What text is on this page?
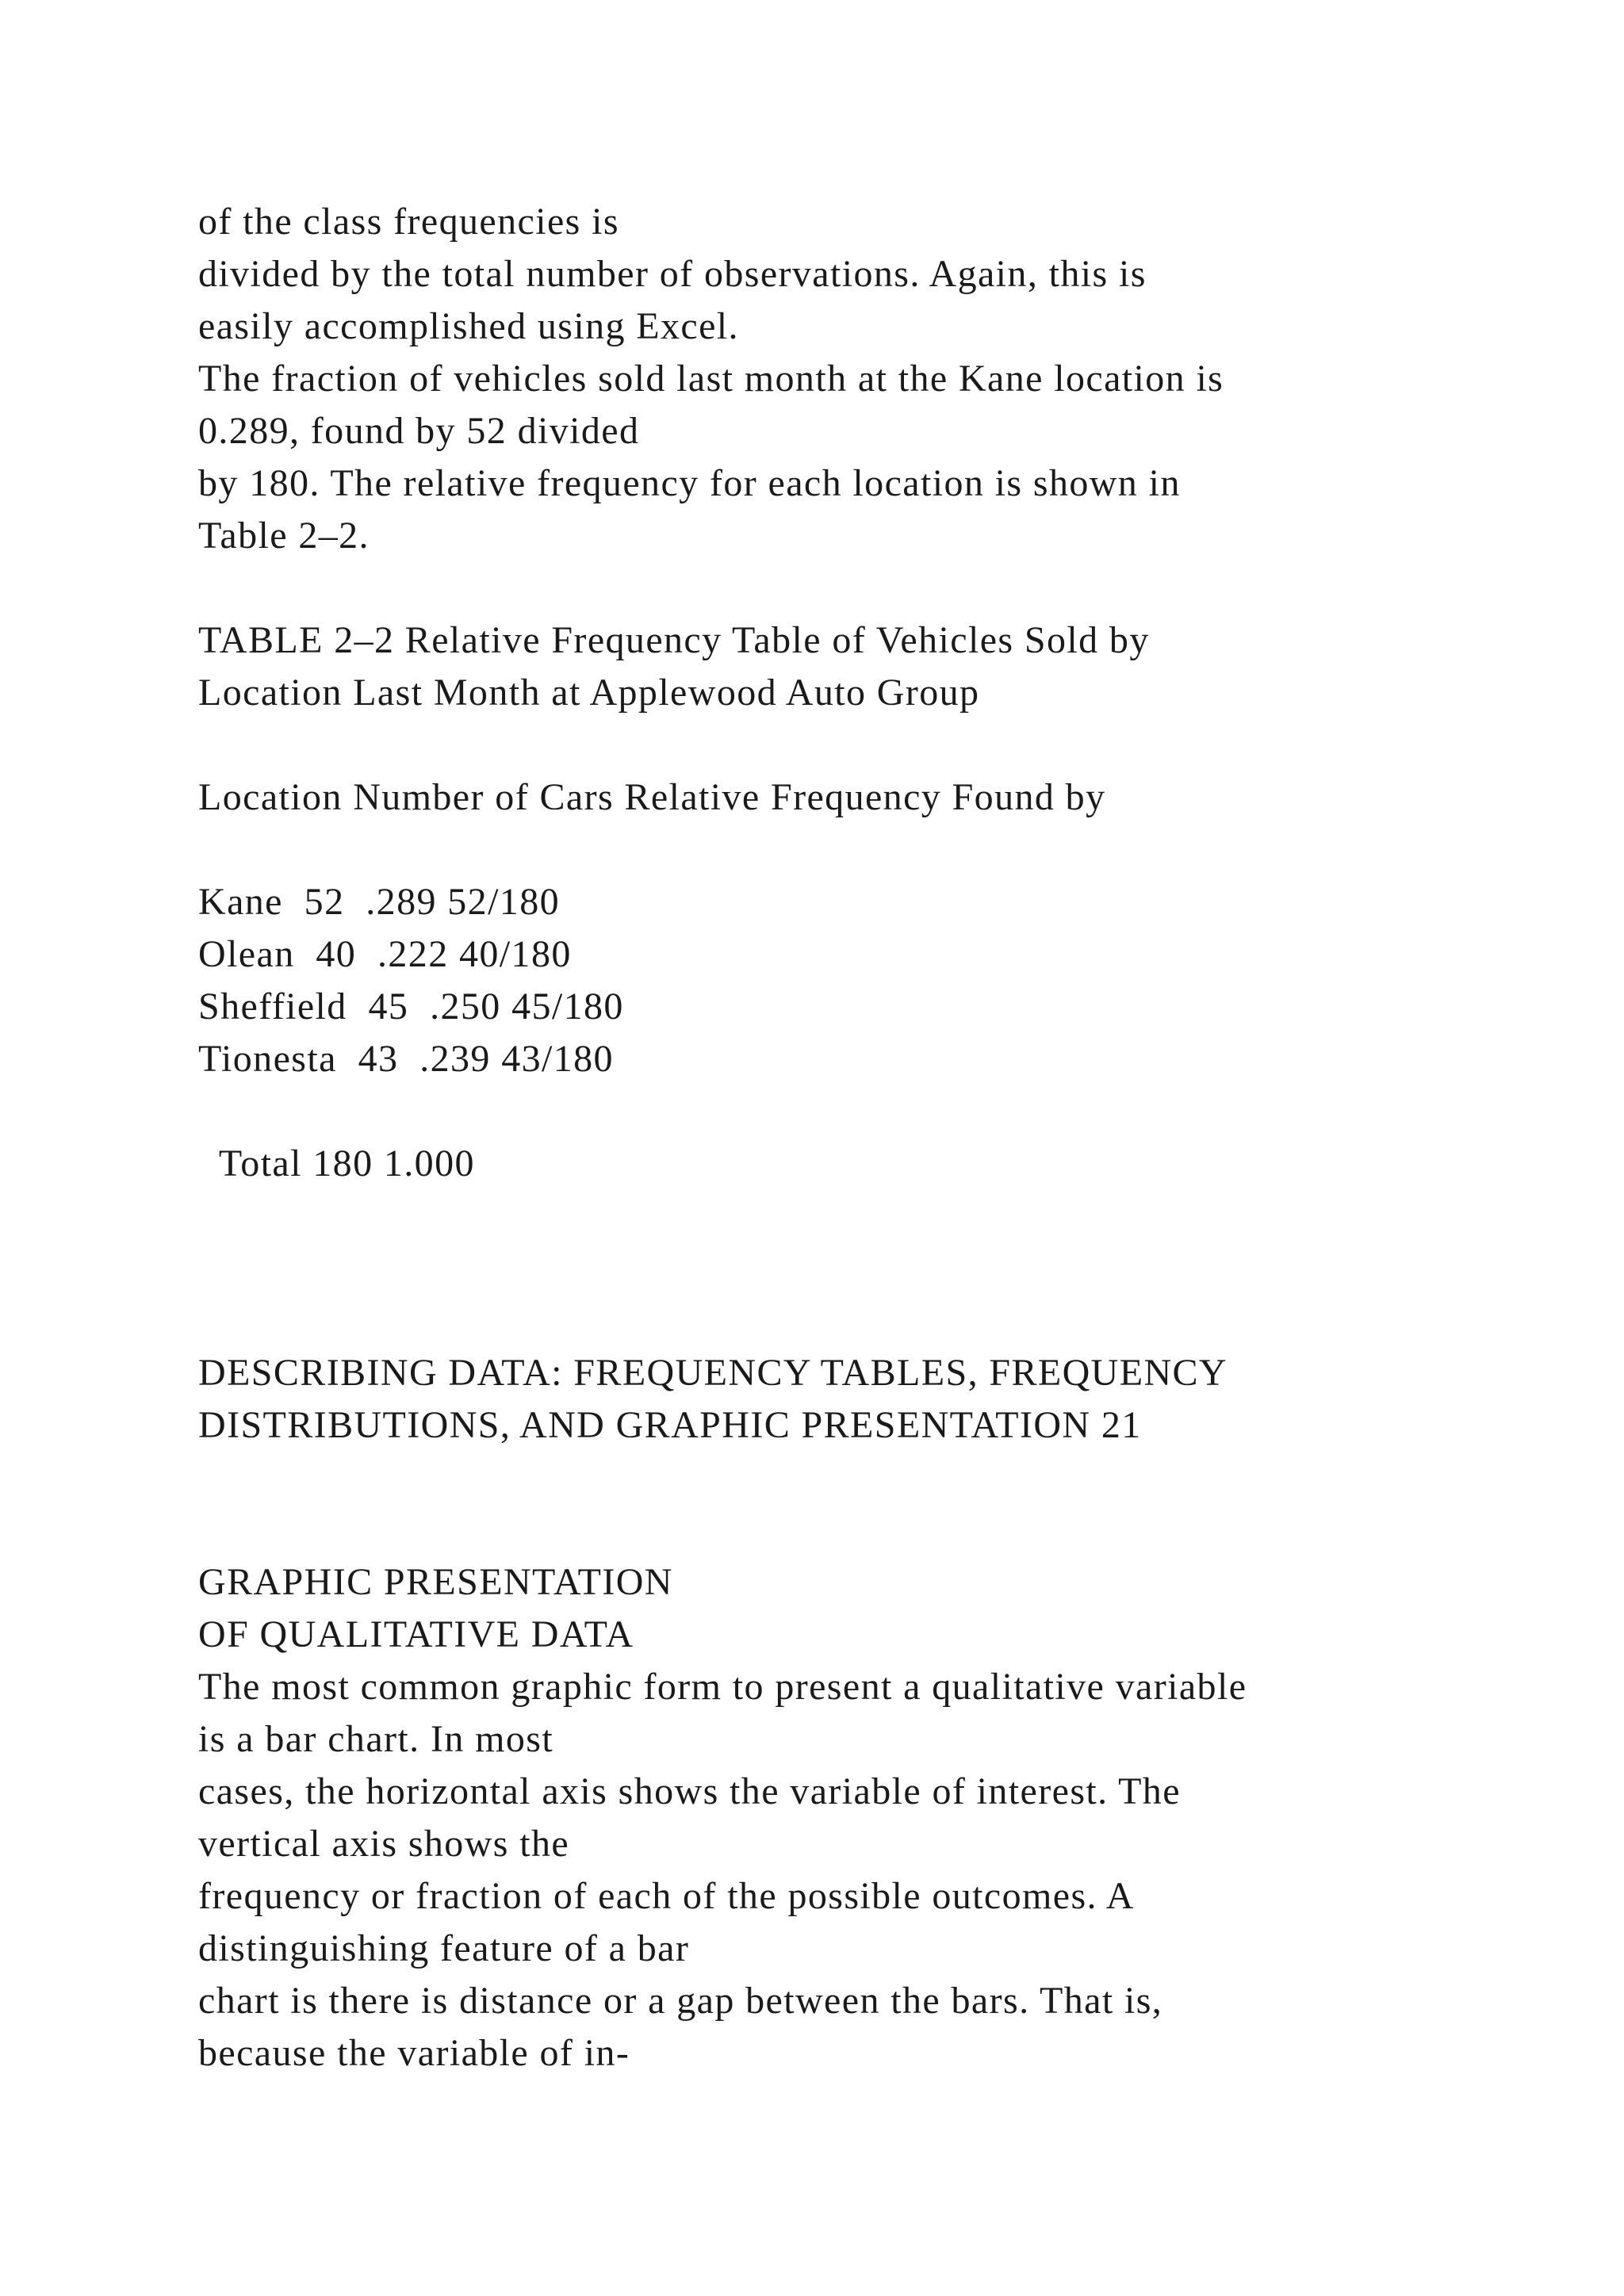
of the class frequencies is

divided by the total number of observations. Again, this is

easily accomplished using Excel.

The fraction of vehicles sold last month at the Kane location is

0.289, found by 52 divided

by 180. The relative frequency for each location is shown in

Table 2–2.

TABLE 2–2 Relative Frequency Table of Vehicles Sold by

Location Last Month at Applewood Auto Group

Location Number of Cars Relative Frequency Found by

Kane  52  .289 52/180

Olean  40  .222 40/180

Sheffield  45  .250 45/180

Tionesta  43  .239 43/180

Total 180 1.000

DESCRIBING DATA: FREQUENCY TABLES, FREQUENCY

DISTRIBUTIONS, AND GRAPHIC PRESENTATION 21

GRAPHIC PRESENTATION

OF QUALITATIVE DATA

The most common graphic form to present a qualitative variable

is a bar chart. In most

cases, the horizontal axis shows the variable of interest. The

vertical axis shows the

frequency or fraction of each of the possible outcomes. A

distinguishing feature of a bar

chart is there is distance or a gap between the bars. That is,

because the variable of in-
